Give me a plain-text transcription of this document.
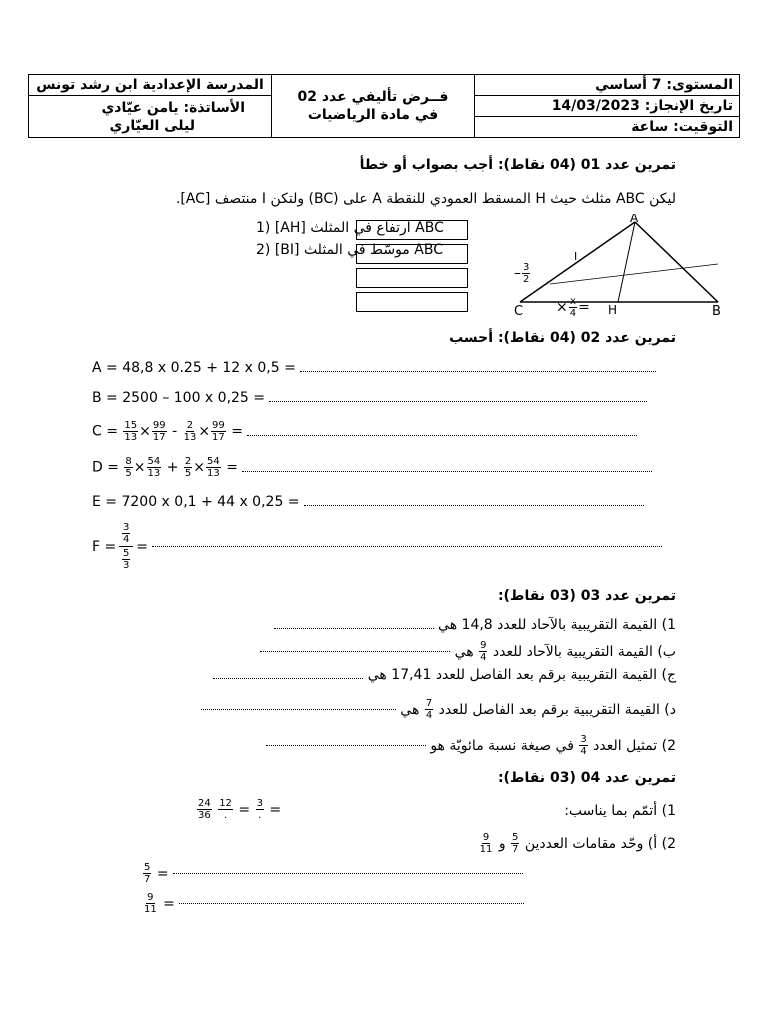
المدرسة الإعدادية ابن رشد تونس	فــرض تأليفي عدد 02
في مادة الرياضيات	المستوى: 7 أساسي

الأساتذة: يامن عيّادي
ليلى العيّاري		تاريخ الإنجاز: 14/03/2023
		التوقيت: ساعة
تمرين عدد 01 (04 نقاط): أجب بصواب أو خطأ
ليكن ABC مثلث حيث H المسقط العمودي للنقطة A على (BC) ولتكن I منتصف [AC].
1) [AH] ارتفاع في المثلث ABC
2) [BI] موسّط في المثلث ABC
A
C	B
H
I
– $\frac{3}{2}$
× $\frac{x}{4}$ =
تمرين عدد 02 (04 نقاط): أحسب
A = 48,8 x 0.25 + 12 x 0,5 =
B = 2500 – 100 x 0,25 =
$C = \frac{15}{13} \times \frac{99}{17} - \frac{2}{13} \times \frac{99}{17}$ =
$D = \frac{8}{5} \times \frac{54}{13} + \frac{2}{5} \times \frac{54}{13}$ =
E = 7200 x 0,1 + 44 x 0,25 =
F =
$\frac{3}{4}$
$\frac{5}{3}$
=

تمرين عدد 03 (03 نقاط):
1) القيمة التقريبية بالآحاد للعدد 14,8 هي
ب) القيمة التقريبية بالآحاد للعدد

$\frac{9}{4}$

هي

ج) القيمة التقريبية برقم بعد الفاصل للعدد 17,41 هي
د) القيمة التقريبية برقم بعد الفاصل للعدد

$\frac{7}{4}$

هي

2) تمثيل العدد

$\frac{3}{4}$

في صيغة نسبة مائويّة هو

تمرين عدد 04 (03 نقاط):
1) أتمّم بما يناسب:
$\frac{24}{36}$
$\frac{12}{.} = \frac{3}{.}$ =
2) أ) وحّد مقامات العددين

$\frac{5}{7}$

و

$\frac{9}{11}$
$\frac{5}{7}$ =
$\frac{9}{11}$ =
